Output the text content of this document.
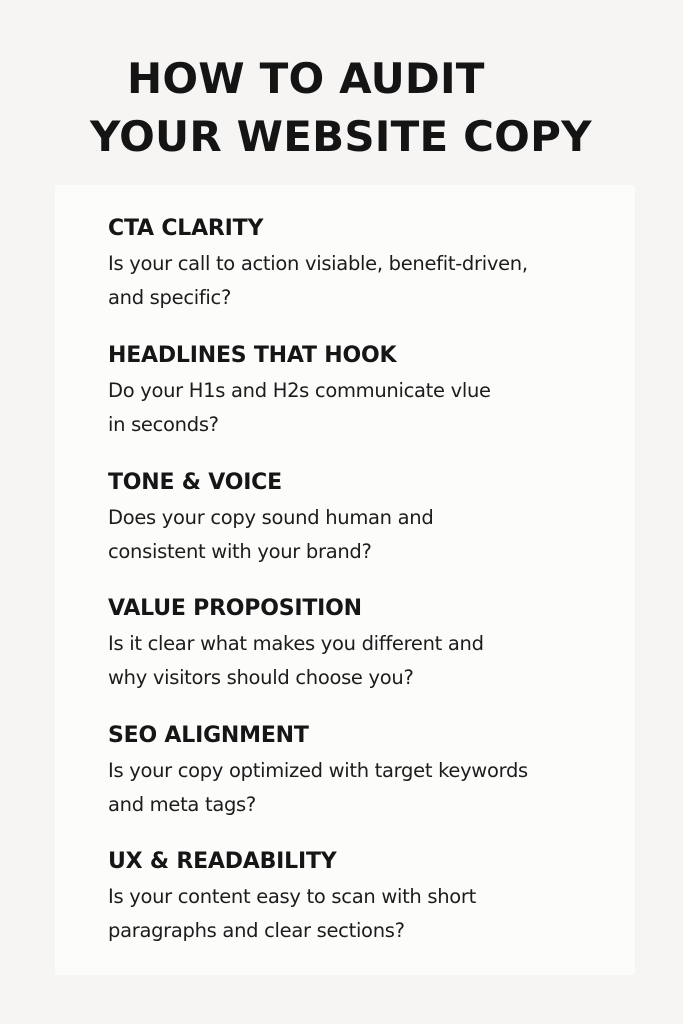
HOW TO AUDIT
YOUR WEBSITE COPY
CTA CLARITY

Is your call to action visiable, benefit-driven,
and specific?

HEADLINES THAT HOOK

Do your H1s and H2s communicate vlue
in seconds?

TONE & VOICE

Does your copy sound human and
consistent with your brand?

VALUE PROPOSITION

Is it clear what makes you different and
why visitors should choose you?

SEO ALIGNMENT

Is your copy optimized with target keywords
and meta tags?

UX & READABILITY

Is your content easy to scan with short
paragraphs and clear sections?
